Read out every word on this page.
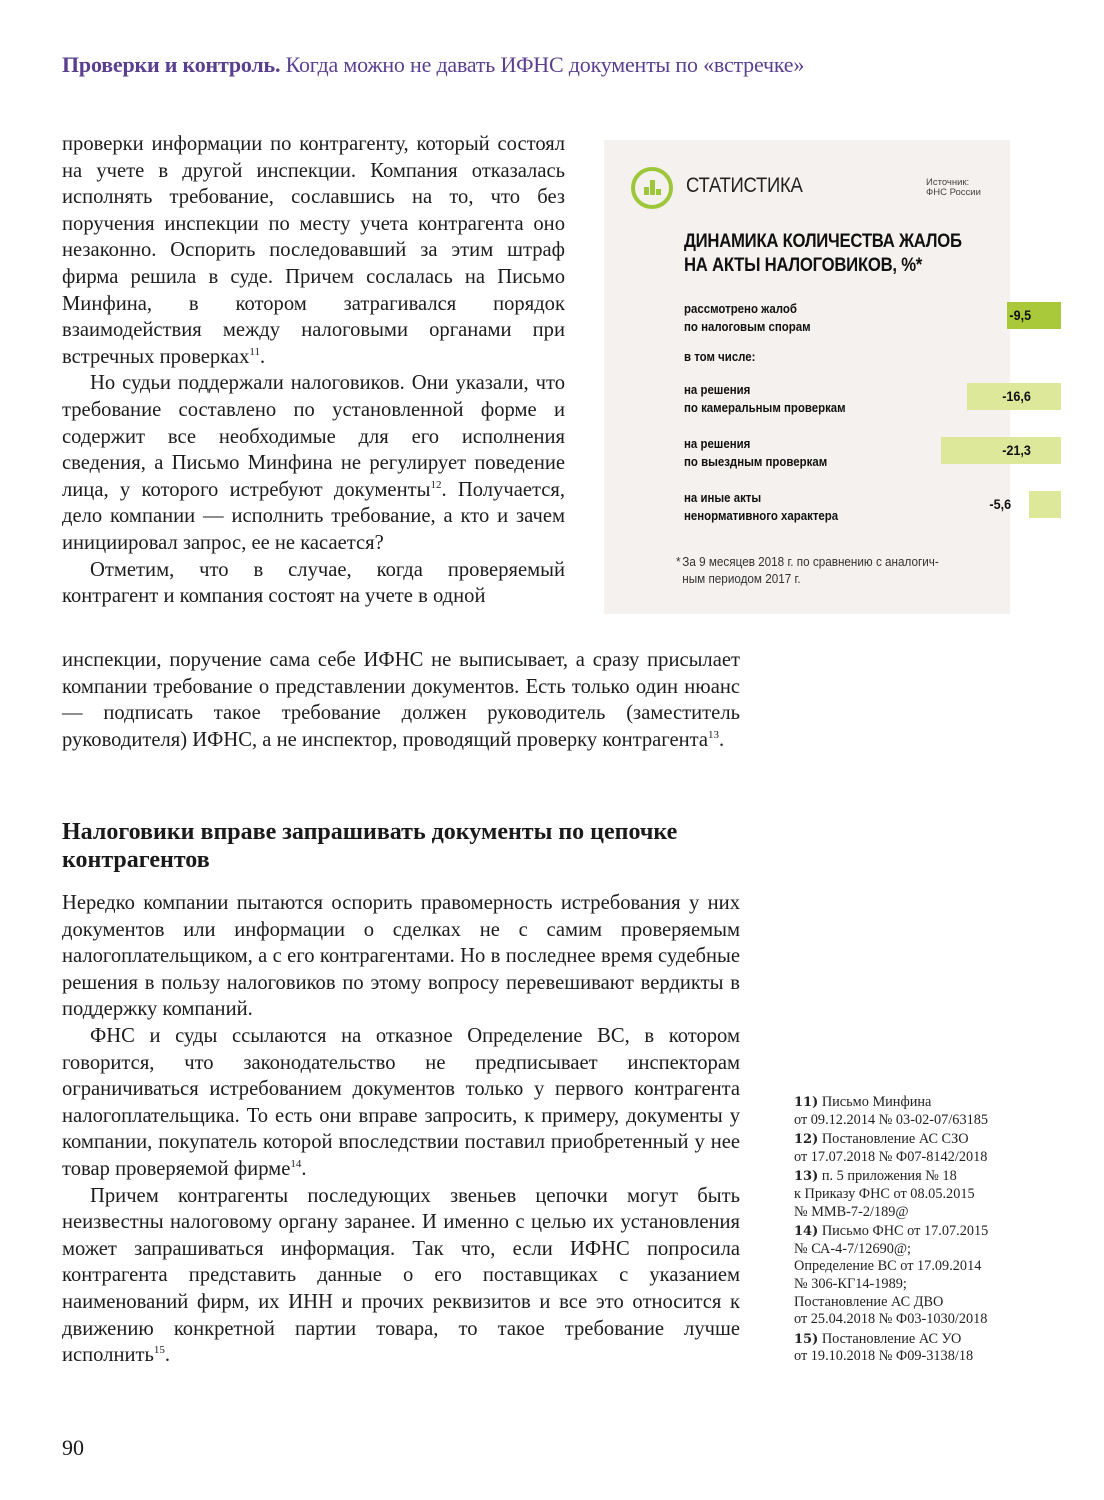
Проверки и контроль. Когда можно не давать ИФНС документы по «встречке»

проверки информации по контрагенту, который состоял на учете в другой инспекции. Компания отказалась исполнять требование, сославшись на то, что без поручения инспекции по месту учета контрагента оно незаконно. Оспорить последовавший за этим штраф фирма решила в суде. Причем сослалась на Письмо Минфина, в котором затрагивался порядок взаимодействия между налоговыми органами при встречных проверках$^{11}$.

Но судьи поддержали налоговиков. Они указали, что требование составлено по установленной форме и содержит все необходимые для его исполнения сведения, а Письмо Минфина не регулирует поведение лица, у которого истребуют документы$^{12}$. Получается, дело компании — исполнить требование, а кто и зачем инициировал запрос, ее не касается?

Отметим, что в случае, когда проверяемый контрагент и компания состоят на учете в одной

инспекции, поручение сама себе ИФНС не выписывает, а сразу присылает компании требование о представлении документов. Есть только один нюанс — подписать такое требование должен руководитель (заместитель руководителя) ИФНС, а не инспектор, проводящий проверку контрагента$^{13}$.

Налоговики вправе запрашивать документы по цепочке контрагентов

Нередко компании пытаются оспорить правомерность истребования у них документов или информации о сделках не с самим проверяемым налогоплательщиком, а с его контрагентами. Но в последнее время судебные решения в пользу налоговиков по этому вопросу перевешивают вердикты в поддержку компаний.

ФНС и суды ссылаются на отказное Определение ВС, в котором говорится, что законодательство не предписывает инспекторам ограничиваться истребованием документов только у первого контрагента налогоплательщика. То есть они вправе запросить, к примеру, документы у компании, покупатель которой впоследствии поставил приобретенный у нее товар проверяемой фирме$^{14}$.

Причем контрагенты последующих звеньев цепочки могут быть неизвестны налоговому органу заранее. И именно с целью их установления может запрашиваться информация. Так что, если ИФНС попросила контрагента представить данные о его поставщиках с указанием наименований фирм, их ИНН и прочих реквизитов и все это относится к движению конкретной партии товара, то такое требование лучше исполнить$^{15}$.

СТАТИСТИКА	Источник:
ФНС России
ДИНАМИКА КОЛИЧЕСТВА ЖАЛОБ НА АКТЫ НАЛОГОВИКОВ, %*
рассмотрено жалоб
по налоговым спорам
-9,5
в том числе:
на решения
по камеральным проверкам
-16,6
на решения
по выездным проверкам
-21,3
на иные акты
ненормативного характера
-5,6
* За 9 месяцев 2018 г. по сравнению с аналогич-
ным периодом 2017 г.
11) Письмо Минфина
от 09.12.2014 № 03-02-07/63185
12) Постановление АС СЗО
от 17.07.2018 № Ф07-8142/2018
13) п. 5 приложения № 18
к Приказу ФНС от 08.05.2015
№ ММВ-7-2/189@
14) Письмо ФНС от 17.07.2015
№ СА-4-7/12690@;
Определение ВС от 17.09.2014
№ 306-КГ14-1989;
Постановление АС ДВО
от 25.04.2018 № Ф03-1030/2018
15) Постановление АС УО
от 19.10.2018 № Ф09-3138/18
90
